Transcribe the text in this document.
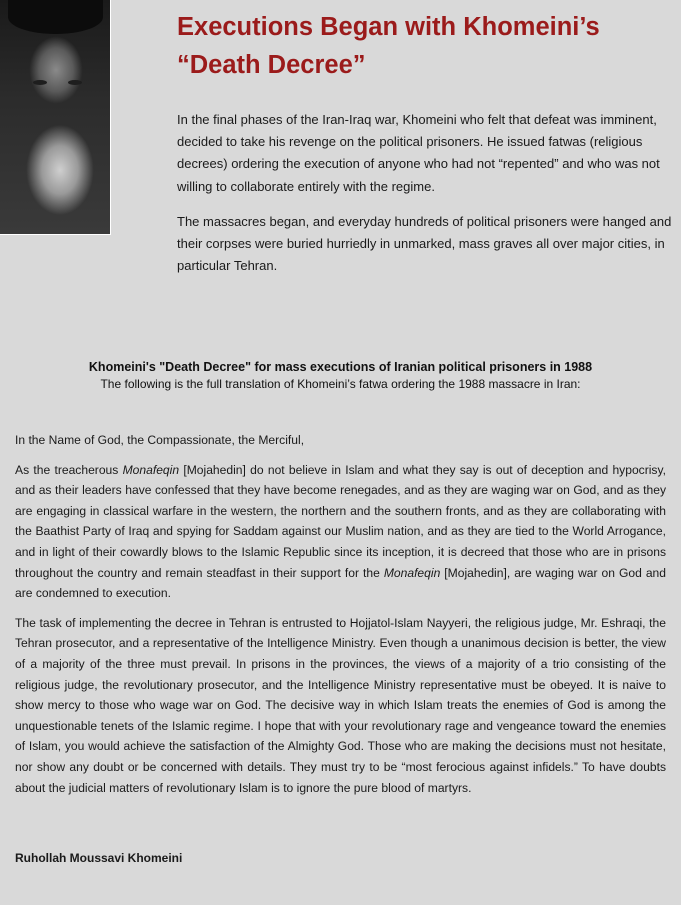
Executions Began with Khomeini’s “Death Decree”

In the final phases of the Iran-Iraq war, Khomeini who felt that defeat was imminent, decided to take his revenge on the political prisoners. He issued fatwas (religious decrees) ordering the execution of anyone who had not “repented” and who was not willing to collaborate entirely with the regime.

The massacres began, and everyday hundreds of political prisoners were hanged and their corpses were buried hurriedly in unmarked, mass graves all over major cities, in particular Tehran.

Khomeini's "Death Decree" for mass executions of Iranian political prisoners in 1988

The following is the full translation of Khomeini’s fatwa ordering the 1988 massacre in Iran:

In the Name of God, the Compassionate, the Merciful,

As the treacherous Monafeqin [Mojahedin] do not believe in Islam and what they say is out of deception and hypocrisy, and as their leaders have confessed that they have become renegades, and as they are waging war on God, and as they are engaging in classical warfare in the western, the northern and the southern fronts, and as they are collaborating with the Baathist Party of Iraq and spying for Saddam against our Muslim nation, and as they are tied to the World Arrogance, and in light of their cowardly blows to the Islamic Republic since its inception, it is decreed that those who are in prisons throughout the country and remain steadfast in their support for the Monafeqin [Mojahedin], are waging war on God and are condemned to execution.

The task of implementing the decree in Tehran is entrusted to Hojjatol-Islam Nayyeri, the religious judge, Mr. Eshraqi, the Tehran prosecutor, and a representative of the Intelligence Ministry. Even though a unanimous decision is better, the view of a majority of the three must prevail. In prisons in the provinces, the views of a majority of a trio consisting of the religious judge, the revolutionary prosecutor, and the Intelligence Ministry representative must be obeyed. It is naive to show mercy to those who wage war on God. The decisive way in which Islam treats the enemies of God is among the unquestionable tenets of the Islamic regime. I hope that with your revolutionary rage and vengeance toward the enemies of Islam, you would achieve the satisfaction of the Almighty God. Those who are making the decisions must not hesitate, nor show any doubt or be concerned with details. They must try to be “most ferocious against infidels.” To have doubts about the judicial matters of revolutionary Islam is to ignore the pure blood of martyrs.

Ruhollah Moussavi Khomeini
